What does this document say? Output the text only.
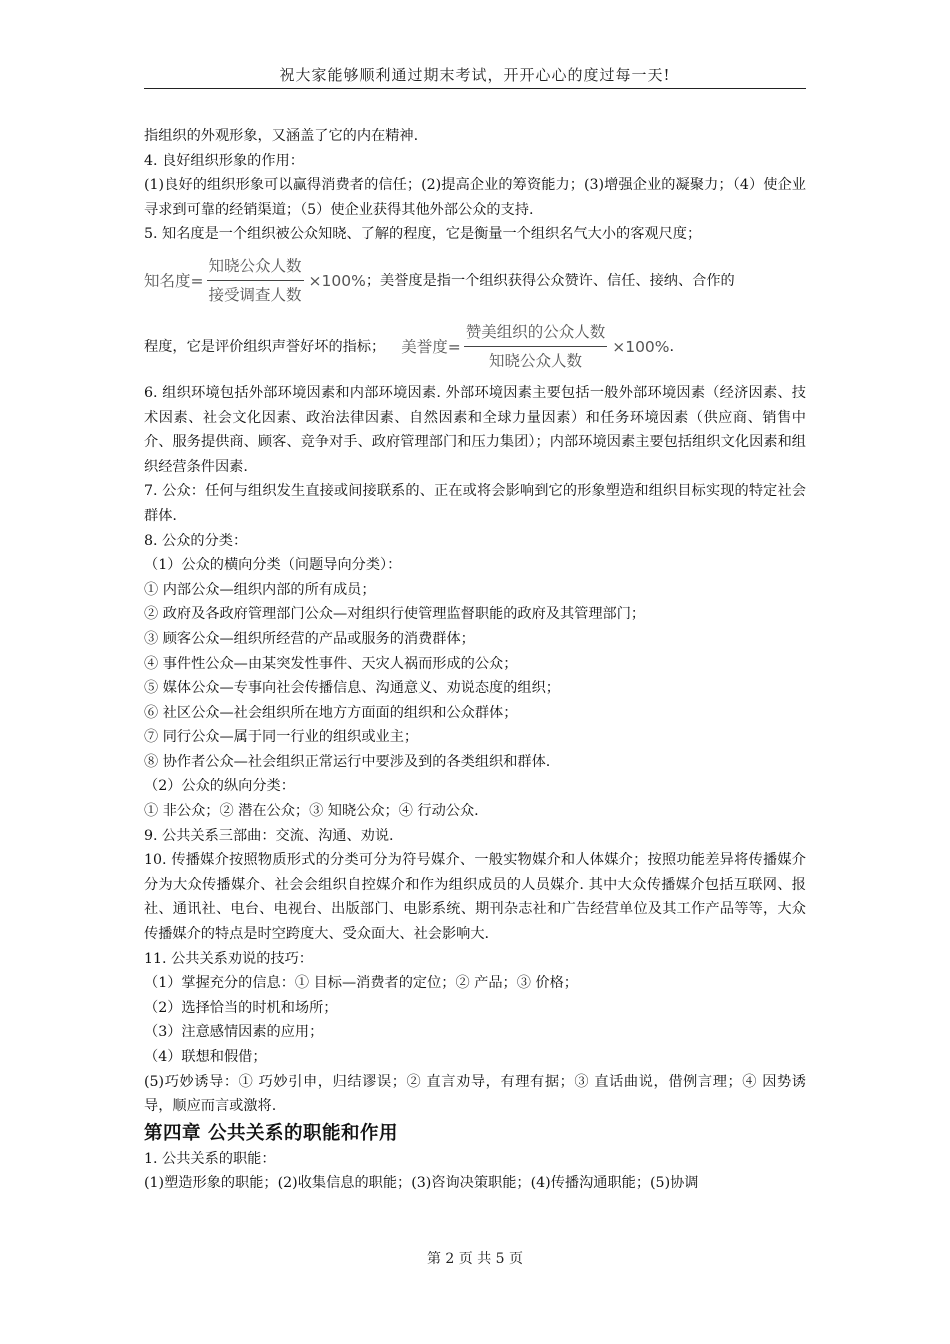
祝大家能够顺利通过期末考试，开开心心的度过每一天!

指组织的外观形象，又涵盖了它的内在精神.

4. 良好组织形象的作用：

(1)良好的组织形象可以赢得消费者的信任；(2)提高企业的筹资能力；(3)增强企业的凝聚力；（4）使企业寻求到可靠的经销渠道；（5）使企业获得其他外部公众的支持.

5. 知名度是一个组织被公众知晓、了解的程度，它是衡量一个组织名气大小的客观尺度；

知名度= $\frac{\text{知晓公众人数}}{\text{接受调查人数}} \times 100\%$ ；美誉度是指一个组织获得公众赞许、信任、接纳、合作的
程度，它是评价组织声誉好坏的指标； 美誉度= $\frac{\text{赞美组织的公众人数}}{\text{知晓公众人数}} \times 100\%$ .

6. 组织环境包括外部环境因素和内部环境因素. 外部环境因素主要包括一般外部环境因素（经济因素、技术因素、社会文化因素、政治法律因素、自然因素和全球力量因素）和任务环境因素（供应商、销售中介、服务提供商、顾客、竞争对手、政府管理部门和压力集团）；内部环境因素主要包括组织文化因素和组织经营条件因素.

7. 公众：任何与组织发生直接或间接联系的、正在或将会影响到它的形象塑造和组织目标实现的特定社会群体.

8. 公众的分类：

（1）公众的横向分类（问题导向分类）：

① 内部公众—组织内部的所有成员；

② 政府及各政府管理部门公众—对组织行使管理监督职能的政府及其管理部门；

③ 顾客公众—组织所经营的产品或服务的消费群体；

④ 事件性公众—由某突发性事件、天灾人祸而形成的公众；

⑤ 媒体公众—专事向社会传播信息、沟通意义、劝说态度的组织；

⑥ 社区公众—社会组织所在地方方面面的组织和公众群体；

⑦ 同行公众—属于同一行业的组织或业主；

⑧ 协作者公众—社会组织正常运行中要涉及到的各类组织和群体.

（2）公众的纵向分类：

① 非公众；② 潜在公众；③ 知晓公众；④ 行动公众.

9. 公共关系三部曲：交流、沟通、劝说.

10. 传播媒介按照物质形式的分类可分为符号媒介、一般实物媒介和人体媒介；按照功能差异将传播媒介分为大众传播媒介、社会会组织自控媒介和作为组织成员的人员媒介. 其中大众传播媒介包括互联网、报社、通讯社、电台、电视台、出版部门、电影系统、期刊杂志社和广告经营单位及其工作产品等等，大众传播媒介的特点是时空跨度大、受众面大、社会影响大.

11. 公共关系劝说的技巧：

（1）掌握充分的信息：① 目标—消费者的定位；② 产品；③ 价格；

（2）选择恰当的时机和场所；

（3）注意感情因素的应用；

（4）联想和假借；

(5)巧妙诱导：① 巧妙引申，归结谬误；② 直言劝导，有理有据；③ 直话曲说，借例言理；④ 因势诱导，顺应而言或激将.

第四章 公共关系的职能和作用

1. 公共关系的职能：

(1)塑造形象的职能；(2)收集信息的职能；(3)咨询决策职能；(4)传播沟通职能；(5)协调

第 2 页 共 5 页
